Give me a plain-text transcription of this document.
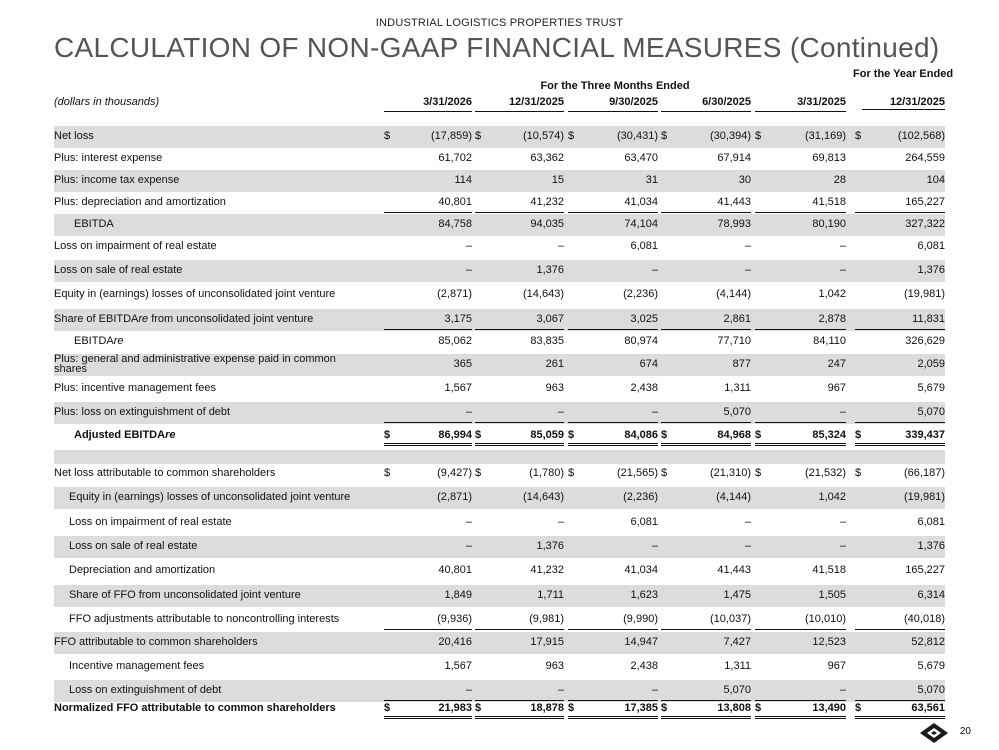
INDUSTRIAL LOGISTICS PROPERTIES TRUST
CALCULATION OF NON-GAAP FINANCIAL MEASURES (Continued)
For the Three Months Ended
For the Year Ended
(dollars in thousands)	3/31/2026	12/31/2025	9/30/2025	6/30/2025	3/31/2025	12/31/2025
Net loss	$	(17,859) $	(10,574) $	(30,431) $	(30,394) $	(31,169) $	(102,568)
Plus: interest expense	61,702	63,362	63,470	67,914	69,813	264,559
Plus: income tax expense	114	15	31	30	28	104
Plus: depreciation and amortization	40,801	41,232	41,034	41,443	41,518	165,227
EBITDA	84,758	94,035	74,104	78,993	80,190	327,322
Loss on impairment of real estate	–	–	6,081	–	–	6,081
Loss on sale of real estate	–	1,376	–	–	–	1,376
Equity in (earnings) losses of unconsolidated joint venture	(2,871)	(14,643)	(2,236)	(4,144)	1,042	(19,981)
Share of EBITDAre from unconsolidated joint venture	3,175	3,067	3,025	2,861	2,878	11,831
EBITDAre	85,062	83,835	80,974	77,710	84,110	326,629
Plus: general and administrative expense paid in common shares	365	261	674	877	247	2,059
Plus: incentive management fees	1,567	963	2,438	1,311	967	5,679
Plus: loss on extinguishment of debt	–	–	–	5,070	–	5,070
Adjusted EBITDAre	$	86,994 $	85,059 $	84,086 $	84,968 $	85,324 $	339,437
Net loss attributable to common shareholders	$	(9,427) $	(1,780) $	(21,565) $	(21,310) $	(21,532) $	(66,187)
Equity in (earnings) losses of unconsolidated joint venture	(2,871)	(14,643)	(2,236)	(4,144)	1,042	(19,981)
Loss on impairment of real estate	–	–	6,081	–	–	6,081
Loss on sale of real estate	–	1,376	–	–	–	1,376
Depreciation and amortization	40,801	41,232	41,034	41,443	41,518	165,227
Share of FFO from unconsolidated joint venture	1,849	1,711	1,623	1,475	1,505	6,314
FFO adjustments attributable to noncontrolling interests	(9,936)	(9,981)	(9,990)	(10,037)	(10,010)	(40,018)
FFO attributable to common shareholders	20,416	17,915	14,947	7,427	12,523	52,812
Incentive management fees	1,567	963	2,438	1,311	967	5,679
Loss on extinguishment of debt	–	–	–	5,070	–	5,070
Normalized FFO attributable to common shareholders	$	21,983 $	18,878 $	17,385 $	13,808 $	13,490 $	63,561
20
